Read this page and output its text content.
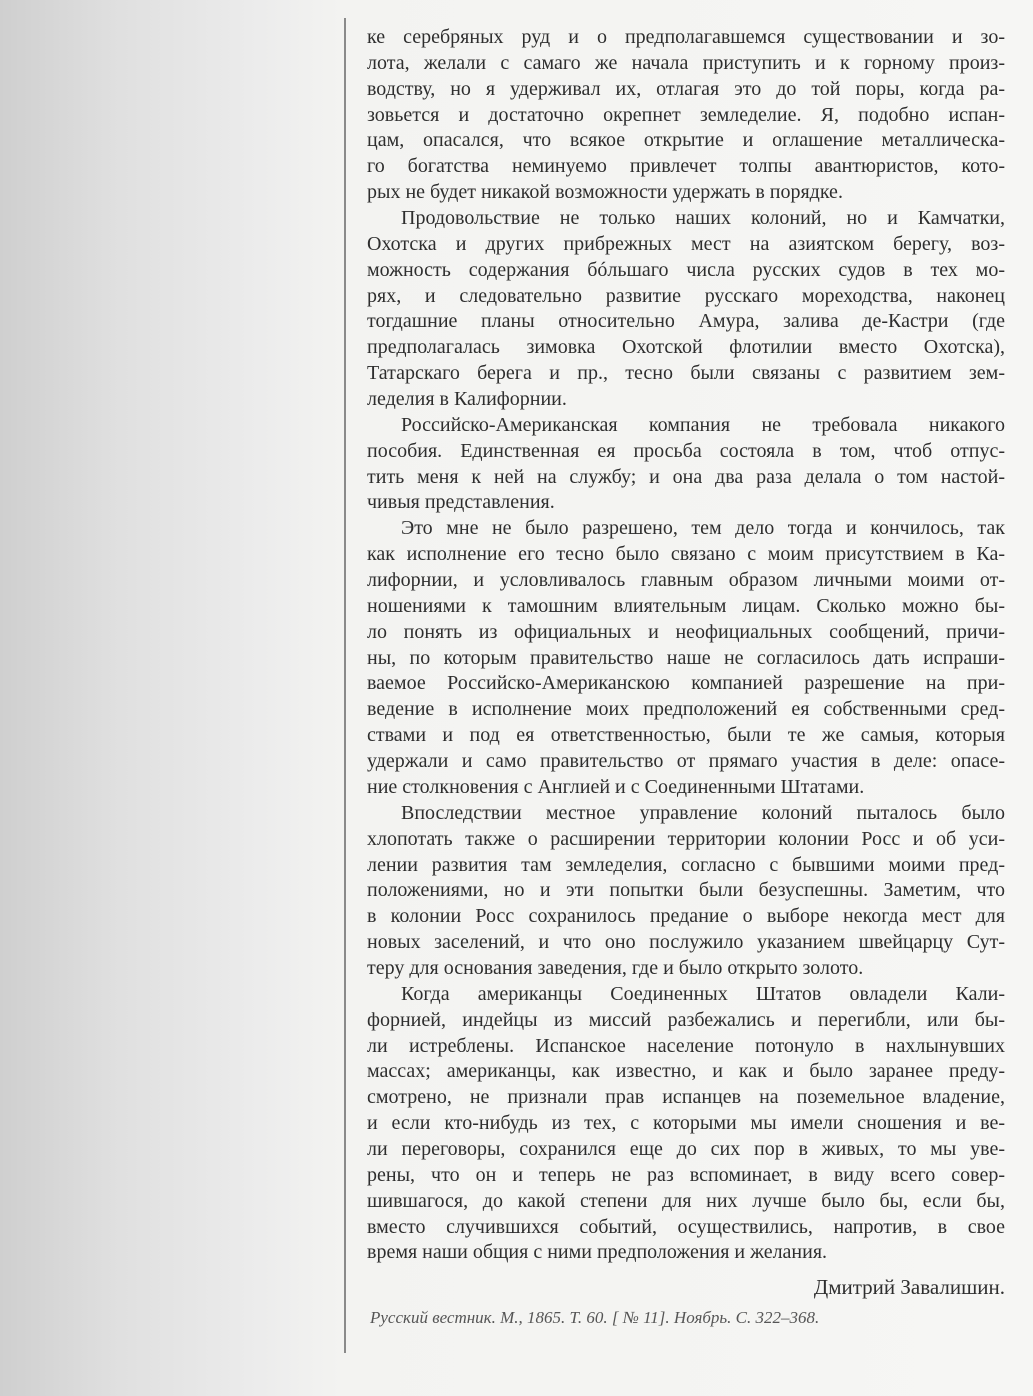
ке серебряных руд и о предполагавшемся существовании и зо-
лота, желали с самаго же начала приступить и к горному произ-
водству, но я удерживал их, отлагая это до той поры, когда ра-
зовьется и достаточно окрепнет земледелие. Я, подобно испан-
цам, опасался, что всякое открытие и оглашение металлическа-
го богатства неминуемо привлечет толпы авантюристов, кото-
рых не будет никакой возможности удержать в порядке.
Продовольствие не только наших колоний, но и Камчатки,
Охотска и других прибрежных мест на азиятском берегу, воз-
можность содержания бóльшаго числа русских судов в тех мо-
рях, и следовательно развитие русскаго мореходства, наконец
тогдашние планы относительно Амура, залива де-Кастри (где
предполагалась зимовка Охотской флотилии вместо Охотска),
Татарскаго берега и пр., тесно были связаны с развитием зем-
леделия в Калифорнии.
Российско-Американская компания не требовала никакого
пособия. Единственная ея просьба состояла в том, чтоб отпус-
тить меня к ней на службу; и она два раза делала о том настой-
чивыя представления.
Это мне не было разрешено, тем дело тогда и кончилось, так
как исполнение его тесно было связано с моим присутствием в Ка-
лифорнии, и условливалось главным образом личными моими от-
ношениями к тамошним влиятельным лицам. Сколько можно бы-
ло понять из официальных и неофициальных сообщений, причи-
ны, по которым правительство наше не согласилось дать испраши-
ваемое Российско-Американскою компанией разрешение на при-
ведение в исполнение моих предположений ея собственными сред-
ствами и под ея ответственностью, были те же самыя, которыя
удержали и само правительство от прямаго участия в деле: опасе-
ние столкновения с Англией и с Соединенными Штатами.
Впоследствии местное управление колоний пыталось было
хлопотать также о расширении территории колонии Росс и об уси-
лении развития там земледелия, согласно с бывшими моими пред-
положениями, но и эти попытки были безуспешны. Заметим, что
в колонии Росс сохранилось предание о выборе некогда мест для
новых заселений, и что оно послужило указанием швейцарцу Сут-
теру для основания заведения, где и было открыто золото.
Когда американцы Соединенных Штатов овладели Кали-
форнией, индейцы из миссий разбежались и перегибли, или бы-
ли истреблены. Испанское население потонуло в нахлынувших
массах; американцы, как известно, и как и было заранее преду-
смотрено, не признали прав испанцев на поземельное владение,
и если кто-нибудь из тех, с которыми мы имели сношения и ве-
ли переговоры, сохранился еще до сих пор в живых, то мы уве-
рены, что он и теперь не раз вспоминает, в виду всего совер-
шившагося, до какой степени для них лучше было бы, если бы,
вместо случившихся событий, осуществились, напротив, в свое
время наши общия с ними предположения и желания.
Дмитрий Завалишин.
Русский вестник. М., 1865. Т. 60. [ № 11]. Ноябрь. С. 322–368.
